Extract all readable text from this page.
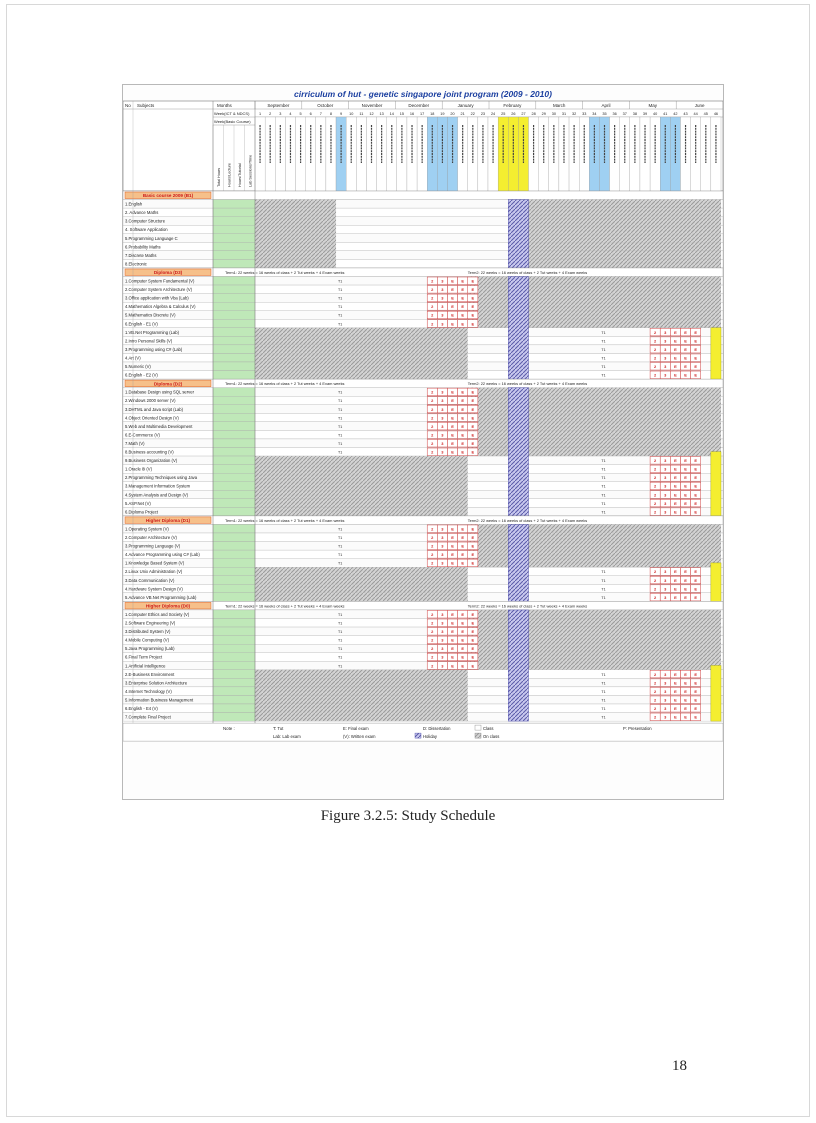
cirriculum of hut - genetic singapore joint program (2009 - 2010)
No Subjects	Months
Week(ICT & NDCS)
Week(Basic Course)
September	October	November	December	January	February	March	April	May	June
1 2 3 4 5 6 7 8 9 10 11 12 13 14 15 16 17 18 19 20 21 22 23 24 25 26 27 28 29 30 31 32 33 34 35 36 37 38 39 40 41 42 43 44 45 46
Total Hours Hours/Lecture Hours/Tutorial Lab Sessions/Time
Basic course 2009 (B1)
1.English
2. Advance Maths
3.Computer Structure
4. Software Application
5.Programming Language C
6.Probability Maths
7.Discrete Maths
8.Electronic
Diploma (D3)	Term1: 22 weeks = 16 weeks of class + 2 Tut weeks + 4 Exam weeks	Term2: 22 weeks = 16 weeks of class + 2 Tut weeks + 4 Exam weeks
1.Computer System Fundamental (V)	T1	2 3 E E E
2.Computer System Architecture (V)	T1	2 3 E E E
3.Office application with Vba (Lab)	T1	2 3 E E E
4.Mathematics Algebra & Calculus (V)	T1	2 3 E E E
5.Mathematics Discrete (V)	T1	2 3 E E E
6.English - E1 (V)	T1	2 3 E E E
1.VB.Net Programming (Lab)	T1	2 3 E E E
2.Intro Personal Skills (V)	T1	2 3 E E E
3.Programming using C# (Lab)	T1	2 3 E E E
4.Art (V)	T1	2 3 E E E
5.Numeric (V)	T1	2 3 E E E
6.English - E2 (V)	T1	2 3 E E E
Diploma (D2)	Term1: 22 weeks = 16 weeks of class + 2 Tut weeks + 4 Exam weeks	Term2: 22 weeks = 16 weeks of class + 2 Tut weeks + 4 Exam weeks
1.Database Design using SQL server	T1	2 3 E E E
2.Windows 2000 server (V)	T1	2 3 E E E
3.DHTML and Java script (Lab)	T1	2 3 E E E
4.Object Oriented Design (V)	T1	2 3 E E E
5.Web and Multimedia Development	T1	2 3 E E E
6.E-Commerce (V)	T1	2 3 E E E
7.Math (V)	T1	2 3 E E E
8.Business accounting (V)	T1	2 3 E E E
9.Business Organization (V)	T1	2 3 E E E
1.Oracle 8i (V)	T1	2 3 E E E
2.Programming Techniques using Java	T1	2 3 E E E
3.Management Information System	T1	2 3 E E E
4.System Analysis and Design (V)	T1	2 3 E E E
5.ASP.Net (V)	T1	2 3 E E E
6.Diploma Project	T1	2 3 E E E
Higher Diploma (D1)	Term1: 22 weeks = 16 weeks of class + 2 Tut weeks + 4 Exam weeks	Term2: 22 weeks = 16 weeks of class + 2 Tut weeks + 4 Exam weeks
1.Operating System (V)	T1	2 3 E E E
2.Computer Architecture (V)	T1	2 3 E E E
3.Programming Language (V)	T1	2 3 E E E
4.Advance Programming using C# (Lab)	T1	2 3 E E E
1.Knowledge Based System (V)	T1	2 3 E E E
2.Linux Unix Administration (V)	T1	2 3 E E E
3.Data Communication (V)	T1	2 3 E E E
4.Hardware System Design (V)	T1	2 3 E E E
5.Advance VB.Net Programming (Lab)	T1	2 3 E E E
Higher Diploma (D0)	Term1: 22 weeks = 16 weeks of class + 2 Tut weeks + 4 Exam weeks	Term2: 22 weeks = 16 weeks of class + 2 Tut weeks + 4 Exam weeks
1.Computer Ethics and Society (V)	T1	2 3 E E E
2.Software Engineering (V)	T1	2 3 E E E
3.Distributed System (V)	T1	2 3 E E E
4.Mobile Computing (V)	T1	2 3 E E E
5.Java Programming (Lab)	T1	2 3 E E E
6.Final Term Project	T1	2 3 E E E
1.Artificial Intelligence	T1	2 3 E E E
2.E-Business Environment	T1	2 3 E E E
3.Enterprise Solution Architecture	T1	2 3 E E E
4.Internet Technology (V)	T1	2 3 E E E
5.Information Business Management	T1	2 3 E E E
6.English - E4 (V)	T1	2 3 E E E
7.Complete Final Project	T1	2 3 E E E
Note :	T: Tut	E: Final exam	D: Dissertation	Class	P: Presentation
Lab: Lab exam	(V): Written exam	Holiday	On class
Figure 3.2.5: Study Schedule
18
